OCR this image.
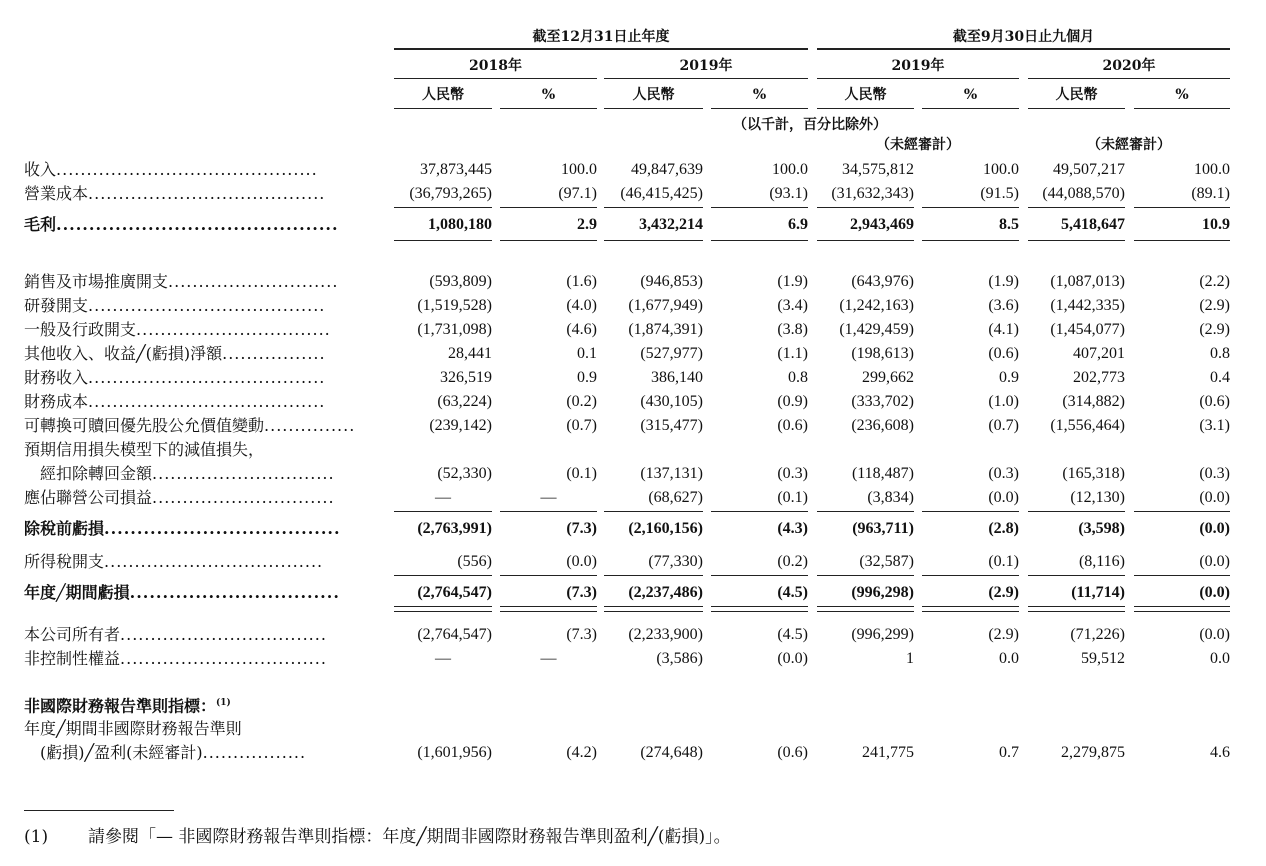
截至12月31日止年度	截至9月30日止九個月
2018年	2019年	2019年	2020年
人民幣	人民幣	人民幣	人民幣
%	%	%	%
（以千計，百分比除外）
（未經審計）	（未經審計）
收入...........................................	37,873,445	100.0	49,847,639	100.0	34,575,812	100.0	49,507,217	100.0
營業成本.......................................	(36,793,265)	(97.1)	(46,415,425)	(93.1)	(31,632,343)	(91.5)	(44,088,570)	(89.1)
毛利...........................................	1,080,180	2.9	3,432,214	6.9	2,943,469	8.5	5,418,647	10.9
銷售及市場推廣開支............................	(593,809)	(1.6)	(946,853)	(1.9)	(643,976)	(1.9)	(1,087,013)	(2.2)
研發開支.......................................	(1,519,528)	(4.0)	(1,677,949)	(3.4)	(1,242,163)	(3.6)	(1,442,335)	(2.9)
一般及行政開支................................	(1,731,098)	(4.6)	(1,874,391)	(3.8)	(1,429,459)	(4.1)	(1,454,077)	(2.9)
其他收入、收益╱(虧損)淨額.................	28,441	0.1	(527,977)	(1.1)	(198,613)	(0.6)	407,201	0.8
財務收入.......................................	326,519	0.9	386,140	0.8	299,662	0.9	202,773	0.4
財務成本.......................................	(63,224)	(0.2)	(430,105)	(0.9)	(333,702)	(1.0)	(314,882)	(0.6)
可轉換可贖回優先股公允價值變動...............	(239,142)	(0.7)	(315,477)	(0.6)	(236,608)	(0.7)	(1,556,464)	(3.1)
預期信用損失模型下的減值損失，
　經扣除轉回金額..............................	(52,330)	(0.1)	(137,131)	(0.3)	(118,487)	(0.3)	(165,318)	(0.3)
應佔聯營公司損益..............................	—	—	(68,627)	(0.1)	(3,834)	(0.0)	(12,130)	(0.0)
除稅前虧損....................................	(2,763,991)	(7.3)	(2,160,156)	(4.3)	(963,711)	(2.8)	(3,598)	(0.0)
所得稅開支....................................	(556)	(0.0)	(77,330)	(0.2)	(32,587)	(0.1)	(8,116)	(0.0)
年度╱期間虧損................................	(2,764,547)	(7.3)	(2,237,486)	(4.5)	(996,298)	(2.9)	(11,714)	(0.0)
本公司所有者..................................	(2,764,547)	(7.3)	(2,233,900)	(4.5)	(996,299)	(2.9)	(71,226)	(0.0)
非控制性權益..................................	—	—	(3,586)	(0.0)	1	0.0	59,512	0.0
年度╱期間非國際財務報告準則
　(虧損)╱盈利(未經審計).................	(1,601,956)	(4.2)	(274,648)	(0.6)	241,775	0.7	2,279,875	4.6
非國際財務報告準則指標：$^{(1)}$
(1) 請參閱「— 非國際財務報告準則指標：年度╱期間非國際財務報告準則盈利╱(虧損)」。
